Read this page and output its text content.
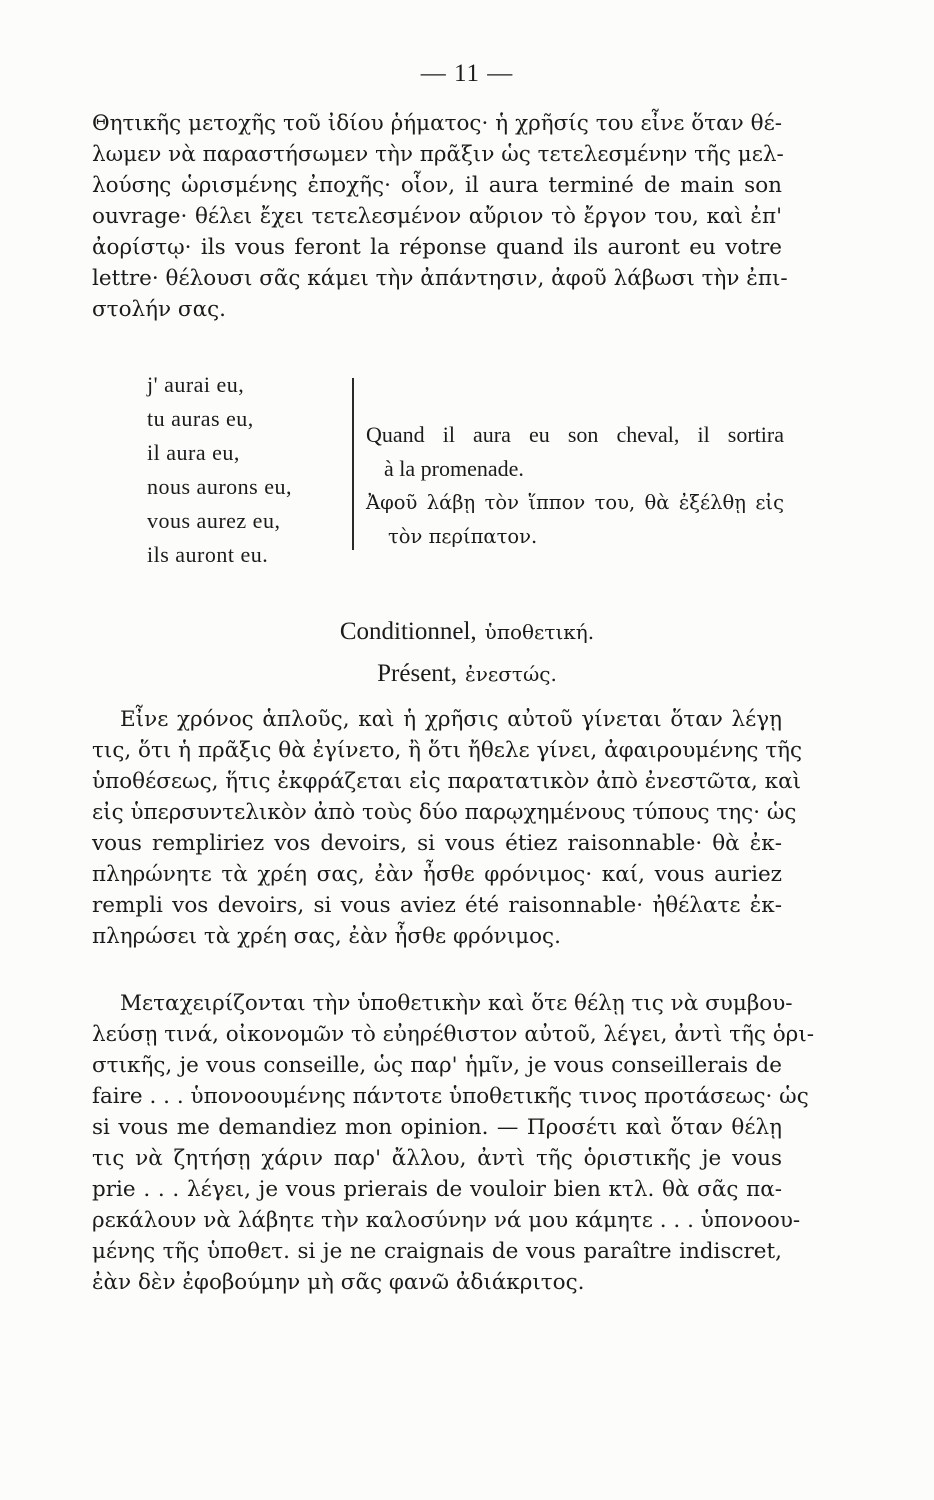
— 11 —
Θητικῆς μετοχῆς τοῦ ἰδίου ῥήματος· ἡ χρῆσίς του εἶνε ὅταν θέ-
λωμεν νὰ παραστήσωμεν τὴν πρᾶξιν ὡς τετελεσμένην τῆς μελ-
λούσης ὡρισμένης ἐποχῆς· οἷον, il aura terminé de main son
ouvrage· θέλει ἔχει τετελεσμένον αὔριον τὸ ἔργον του, καὶ ἐπ'
ἀορίστῳ· ils vous feront la réponse quand ils auront eu votre
lettre· θέλουσι σᾶς κάμει τὴν ἀπάντησιν, ἀφοῦ λάβωσι τὴν ἐπι-
στολήν σας.
j' aurai eu,
tu auras eu,
il aura eu,
nous aurons eu,
vous aurez eu,
ils auront eu.
Quand il aura eu son cheval, il sortira
à la promenade.
Ἀφοῦ λάβῃ τὸν ἵππον του, θὰ ἐξέλθῃ εἰς
τὸν περίπατον.
Conditionnel, ὑποθετική.
Présent, ἐνεστώς.
Εἶνε χρόνος ἁπλοῦς, καὶ ἡ χρῆσις αὐτοῦ γίνεται ὅταν λέγῃ
τις, ὅτι ἡ πρᾶξις θὰ ἐγίνετο, ἢ ὅτι ἤθελε γίνει, ἀφαιρουμένης τῆς
ὑποθέσεως, ἥτις ἐκφράζεται εἰς παρατατικὸν ἀπὸ ἐνεστῶτα, καὶ
εἰς ὑπερσυντελικὸν ἀπὸ τοὺς δύο παρῳχημένους τύπους της· ὡς
vous rempliriez vos devoirs, si vous étiez raisonnable· θὰ ἐκ-
πληρώνητε τὰ χρέη σας, ἐὰν ἦσθε φρόνιμος· καί, vous auriez
rempli vos devoirs, si vous aviez été raisonnable· ἠθέλατε ἐκ-
πληρώσει τὰ χρέη σας, ἐὰν ἦσθε φρόνιμος.
Μεταχειρίζονται τὴν ὑποθετικὴν καὶ ὅτε θέλῃ τις νὰ συμβου-
λεύσῃ τινά, οἰκονομῶν τὸ εὐηρέθιστον αὐτοῦ, λέγει, ἀντὶ τῆς ὁρι-
στικῆς, je vous conseille, ὡς παρ' ἡμῖν, je vous conseillerais de
faire . . . ὑπονοουμένης πάντοτε ὑποθετικῆς τινος προτάσεως· ὡς
si vous me demandiez mon opinion. — Προσέτι καὶ ὅταν θέλῃ
τις νὰ ζητήσῃ χάριν παρ' ἄλλου, ἀντὶ τῆς ὁριστικῆς je vous
prie . . . λέγει, je vous prierais de vouloir bien κτλ. θὰ σᾶς πα-
ρεκάλουν νὰ λάβητε τὴν καλοσύνην νά μου κάμητε . . . ὑπονοου-
μένης τῆς ὑποθετ. si je ne craignais de vous paraître indiscret,
ἐὰν δὲν ἐφοβούμην μὴ σᾶς φανῶ ἀδιάκριτος.
